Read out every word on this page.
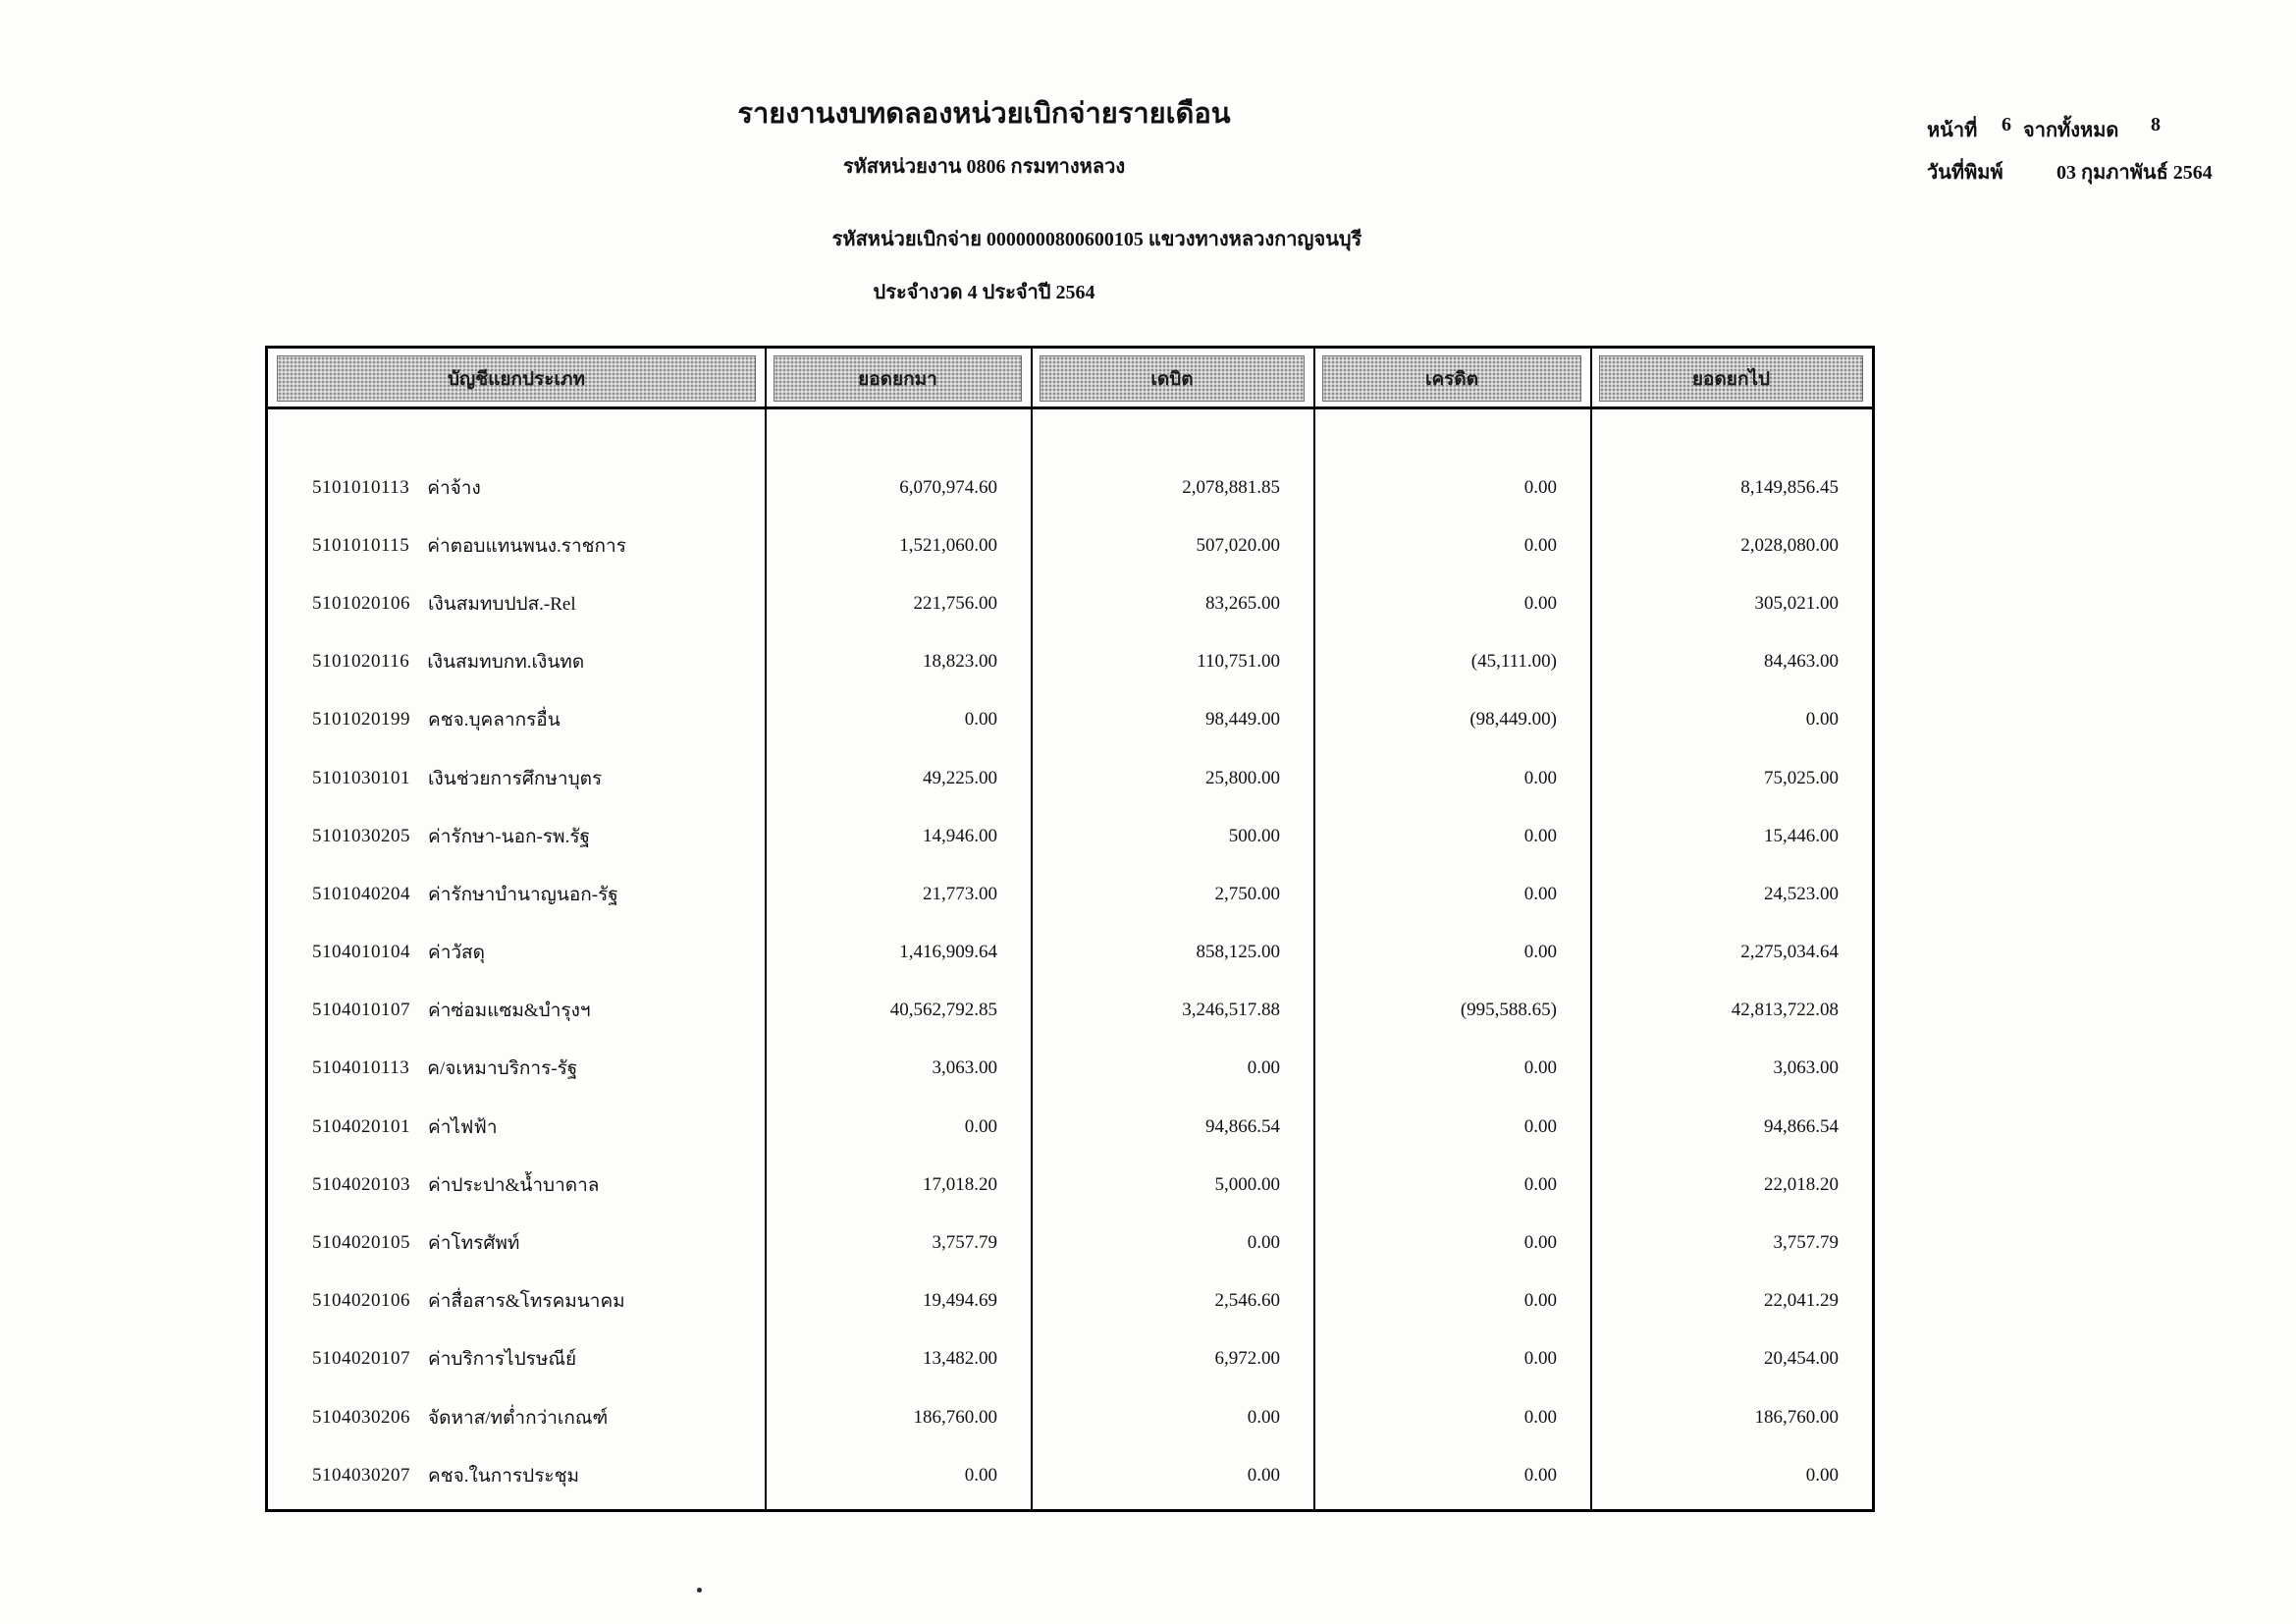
หน้าที่	6 จากทั้งหมด	8
วันที่พิมพ์	03 กุมภาพันธ์ 2564
รายงานงบทดลองหน่วยเบิกจ่ายรายเดือน
รหัสหน่วยงาน 0806 กรมทางหลวง
รหัสหน่วยเบิกจ่าย 0000000800600105 แขวงทางหลวงกาญจนบุรี
ประจำงวด 4 ประจำปี 2564
บัญชีแยกประเภท	ยอดยกมา	เดบิต	เครดิต	ยอดยกไป
5101010113 ค่าจ้าง	6,070,974.60	2,078,881.85	0.00	8,149,856.45
5101010115 ค่าตอบแทนพนง.ราชการ	1,521,060.00	507,020.00	0.00	2,028,080.00
5101020106 เงินสมทบปปส.-Rel	221,756.00	83,265.00	0.00	305,021.00
5101020116 เงินสมทบกท.เงินทด	18,823.00	110,751.00	(45,111.00)	84,463.00
5101020199 คชจ.บุคลากรอื่น	0.00	98,449.00	(98,449.00)	0.00
5101030101 เงินช่วยการศึกษาบุตร	49,225.00	25,800.00	0.00	75,025.00
5101030205 ค่ารักษา-นอก-รพ.รัฐ	14,946.00	500.00	0.00	15,446.00
5101040204 ค่ารักษาบำนาญนอก-รัฐ	21,773.00	2,750.00	0.00	24,523.00
5104010104 ค่าวัสดุ	1,416,909.64	858,125.00	0.00	2,275,034.64
5104010107 ค่าซ่อมแซม&บำรุงฯ	40,562,792.85	3,246,517.88	(995,588.65)	42,813,722.08
5104010113 ค/จเหมาบริการ-รัฐ	3,063.00	0.00	0.00	3,063.00
5104020101 ค่าไฟฟ้า	0.00	94,866.54	0.00	94,866.54
5104020103 ค่าประปา&น้ำบาดาล	17,018.20	5,000.00	0.00	22,018.20
5104020105 ค่าโทรศัพท์	3,757.79	0.00	0.00	3,757.79
5104020106 ค่าสื่อสาร&โทรคมนาคม	19,494.69	2,546.60	0.00	22,041.29
5104020107 ค่าบริการไปรษณีย์	13,482.00	6,972.00	0.00	20,454.00
5104030206 จัดหาส/ทต่ำกว่าเกณฑ์	186,760.00	0.00	0.00	186,760.00
5104030207 คชจ.ในการประชุม	0.00	0.00	0.00	0.00
